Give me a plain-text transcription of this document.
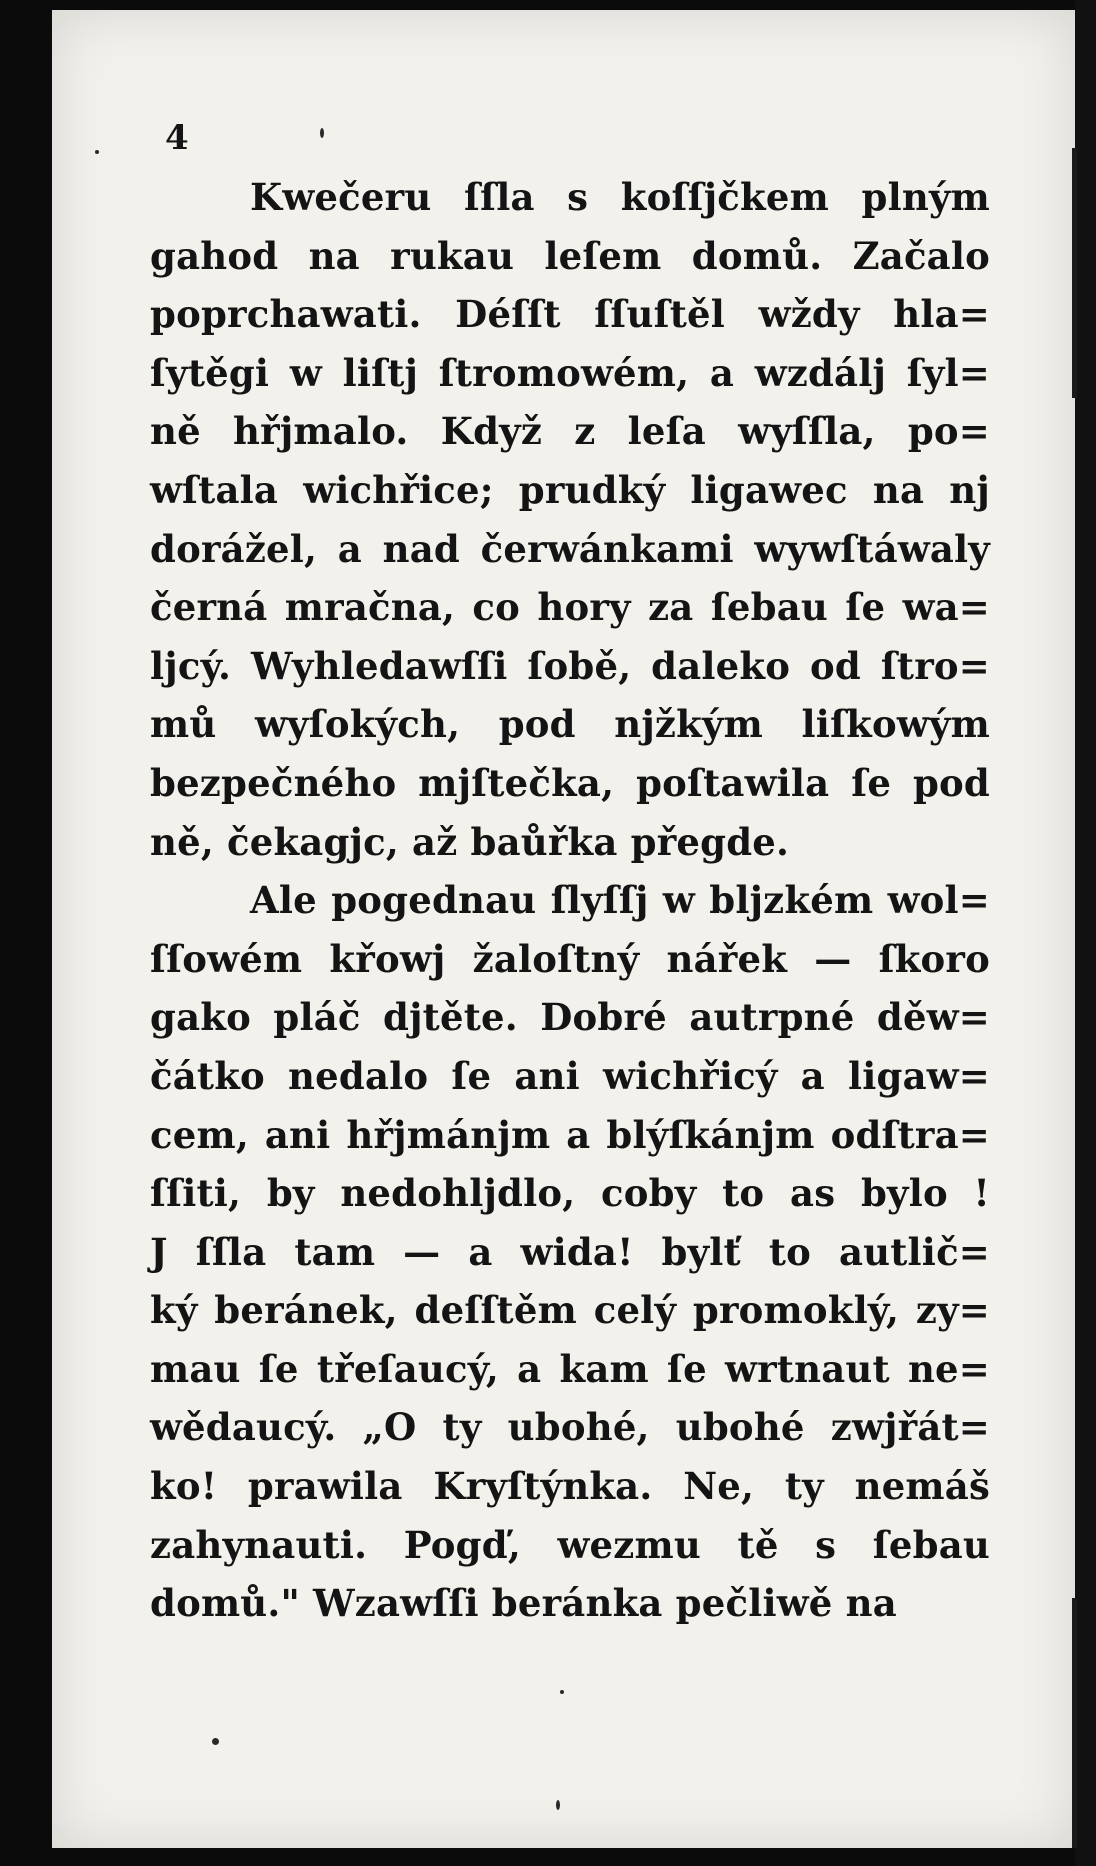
4
Kwečeru ſſla s koſſjčkem plným
gahod na rukau leſem domů. Začalo
poprchawati. Déſſt ſſuſtěl wždy hla=
ſytěgi w liſtj ſtromowém, a wzdálj ſyl=
ně hřjmalo. Když z leſa wyſſla, po=
wſtala wichřice; prudký ligawec na nj
dorážel, a nad čerwánkami wywſtáwaly
černá mračna, co hory za ſebau ſe wa=
ljcý. Wyhledawſſi ſobě, daleko od ſtro=
mů wyſokých, pod njžkým liſkowým
bezpečného mjſtečka, poſtawila ſe pod
ně, čekagjc, až baůřka přegde.
Ale pogednau ſlyſſj w bljzkém wol=
ſſowém křowj žaloſtný nářek — ſkoro
gako pláč djtěte. Dobré autrpné děw=
čátko nedalo ſe ani wichřicý a ligaw=
cem, ani hřjmánjm a blýſkánjm odſtra=
ſſiti, by nedohljdlo, coby to as bylo !
J ſſla tam — a wida! bylť to autlič=
ký beránek, deſſtěm celý promoklý, zy=
mau ſe třeſaucý, a kam ſe wrtnaut ne=
wědaucý. „O ty ubohé, ubohé zwjřát=
ko! prawila Kryſtýnka. Ne, ty nemáš
zahynauti. Pogď, wezmu tě s ſebau
domů." Wzawſſi beránka pečliwě na
